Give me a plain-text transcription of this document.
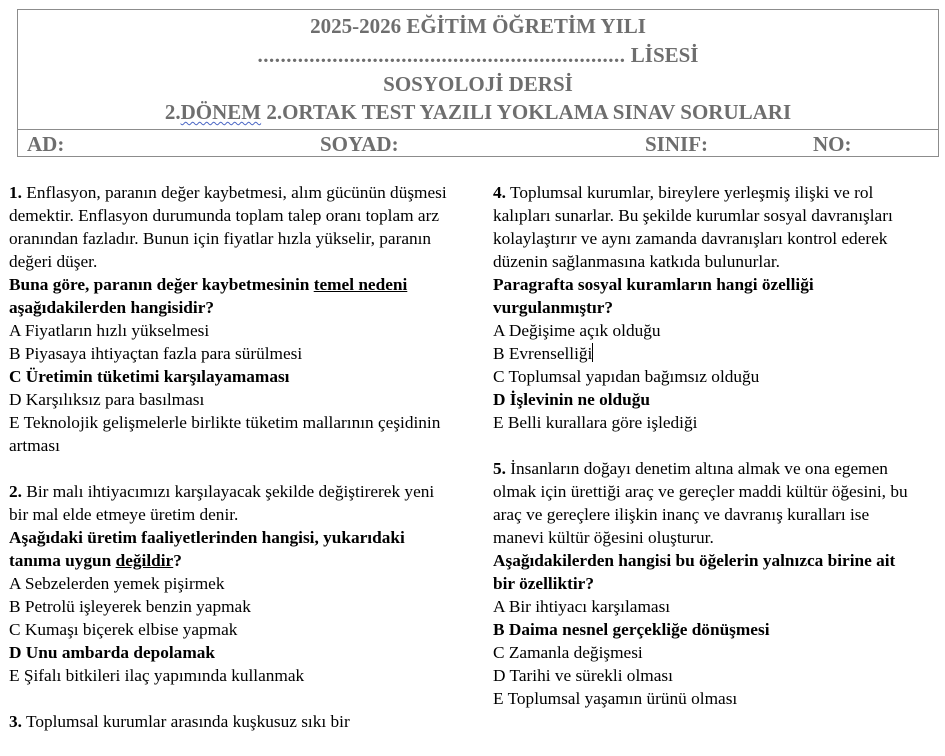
2025-2026 EĞİTİM ÖĞRETİM YILI
................................................................ LİSESİ
SOSYOLOJİ DERSİ
2.DÖNEM 2.ORTAK TEST YAZILI YOKLAMA SINAV SORULARI
AD:	SOYAD:	SINIF:	NO:

1. Enflasyon, paranın değer kaybetmesi, alım gücünün düşmesi demektir. Enflasyon durumunda toplam talep oranı toplam arz oranından fazladır. Bunun için fiyatlar hızla yükselir, paranın değeri düşer.

Buna göre, paranın değer kaybetmesinin temel nedeni aşağıdakilerden hangisidir?

A Fiyatların hızlı yükselmesi

B Piyasaya ihtiyaçtan fazla para sürülmesi

C Üretimin tüketimi karşılayamaması

D Karşılıksız para basılması

E Teknolojik gelişmelerle birlikte tüketim mallarının çeşidinin artması

2. Bir malı ihtiyacımızı karşılayacak şekilde değiştirerek yeni bir mal elde etmeye üretim denir.

Aşağıdaki üretim faaliyetlerinden hangisi, yukarıdaki tanıma uygun değildir?

A Sebzelerden yemek pişirmek

B Petrolü işleyerek benzin yapmak

C Kumaşı biçerek elbise yapmak

D Unu ambarda depolamak

E Şifalı bitkileri ilaç yapımında kullanmak

3. Toplumsal kurumlar arasında kuşkusuz sıkı bir

4. Toplumsal kurumlar, bireylere yerleşmiş ilişki ve rol kalıpları sunarlar. Bu şekilde kurumlar sosyal davranışları kolaylaştırır ve aynı zamanda davranışları kontrol ederek düzenin sağlanmasına katkıda bulunurlar.

Paragrafta sosyal kuramların hangi özelliği vurgulanmıştır?

A Değişime açık olduğu

B Evrenselliği

C Toplumsal yapıdan bağımsız olduğu

D İşlevinin ne olduğu

E Belli kurallara göre işlediği

5. İnsanların doğayı denetim altına almak ve ona egemen olmak için ürettiği araç ve gereçler maddi kültür öğesini, bu araç ve gereçlere ilişkin inanç ve davranış kuralları ise manevi kültür öğesini oluşturur.

Aşağıdakilerden hangisi bu öğelerin yalnızca birine ait bir özelliktir?

A Bir ihtiyacı karşılaması

B Daima nesnel gerçekliğe dönüşmesi

C Zamanla değişmesi

D Tarihi ve sürekli olması

E Toplumsal yaşamın ürünü olması
